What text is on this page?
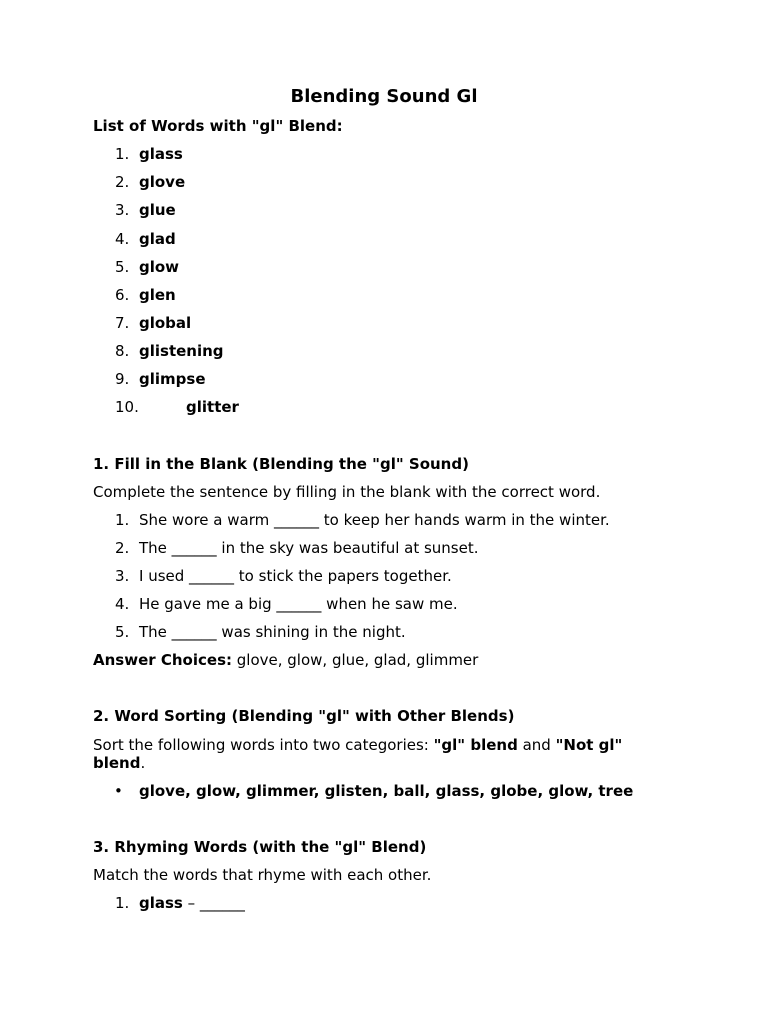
Blending Sound Gl
List of Words with "gl" Blend:
1. glass
2. glove
3. glue
4. glad
5. glow
6. glen
7. global
8. glistening
9. glimpse
10.	glitter
1. Fill in the Blank (Blending the "gl" Sound)
Complete the sentence by filling in the blank with the correct word.
1. She wore a warm ______ to keep her hands warm in the winter.
2. The ______ in the sky was beautiful at sunset.
3. I used ______ to stick the papers together.
4. He gave me a big ______ when he saw me.
5. The ______ was shining in the night.
Answer Choices: glove, glow, glue, glad, glimmer
2. Word Sorting (Blending "gl" with Other Blends)
Sort the following words into two categories: "gl" blend and "Not gl" blend.
• glove, glow, glimmer, glisten, ball, glass, globe, glow, tree
3. Rhyming Words (with the "gl" Blend)
Match the words that rhyme with each other.
1. glass – ______
